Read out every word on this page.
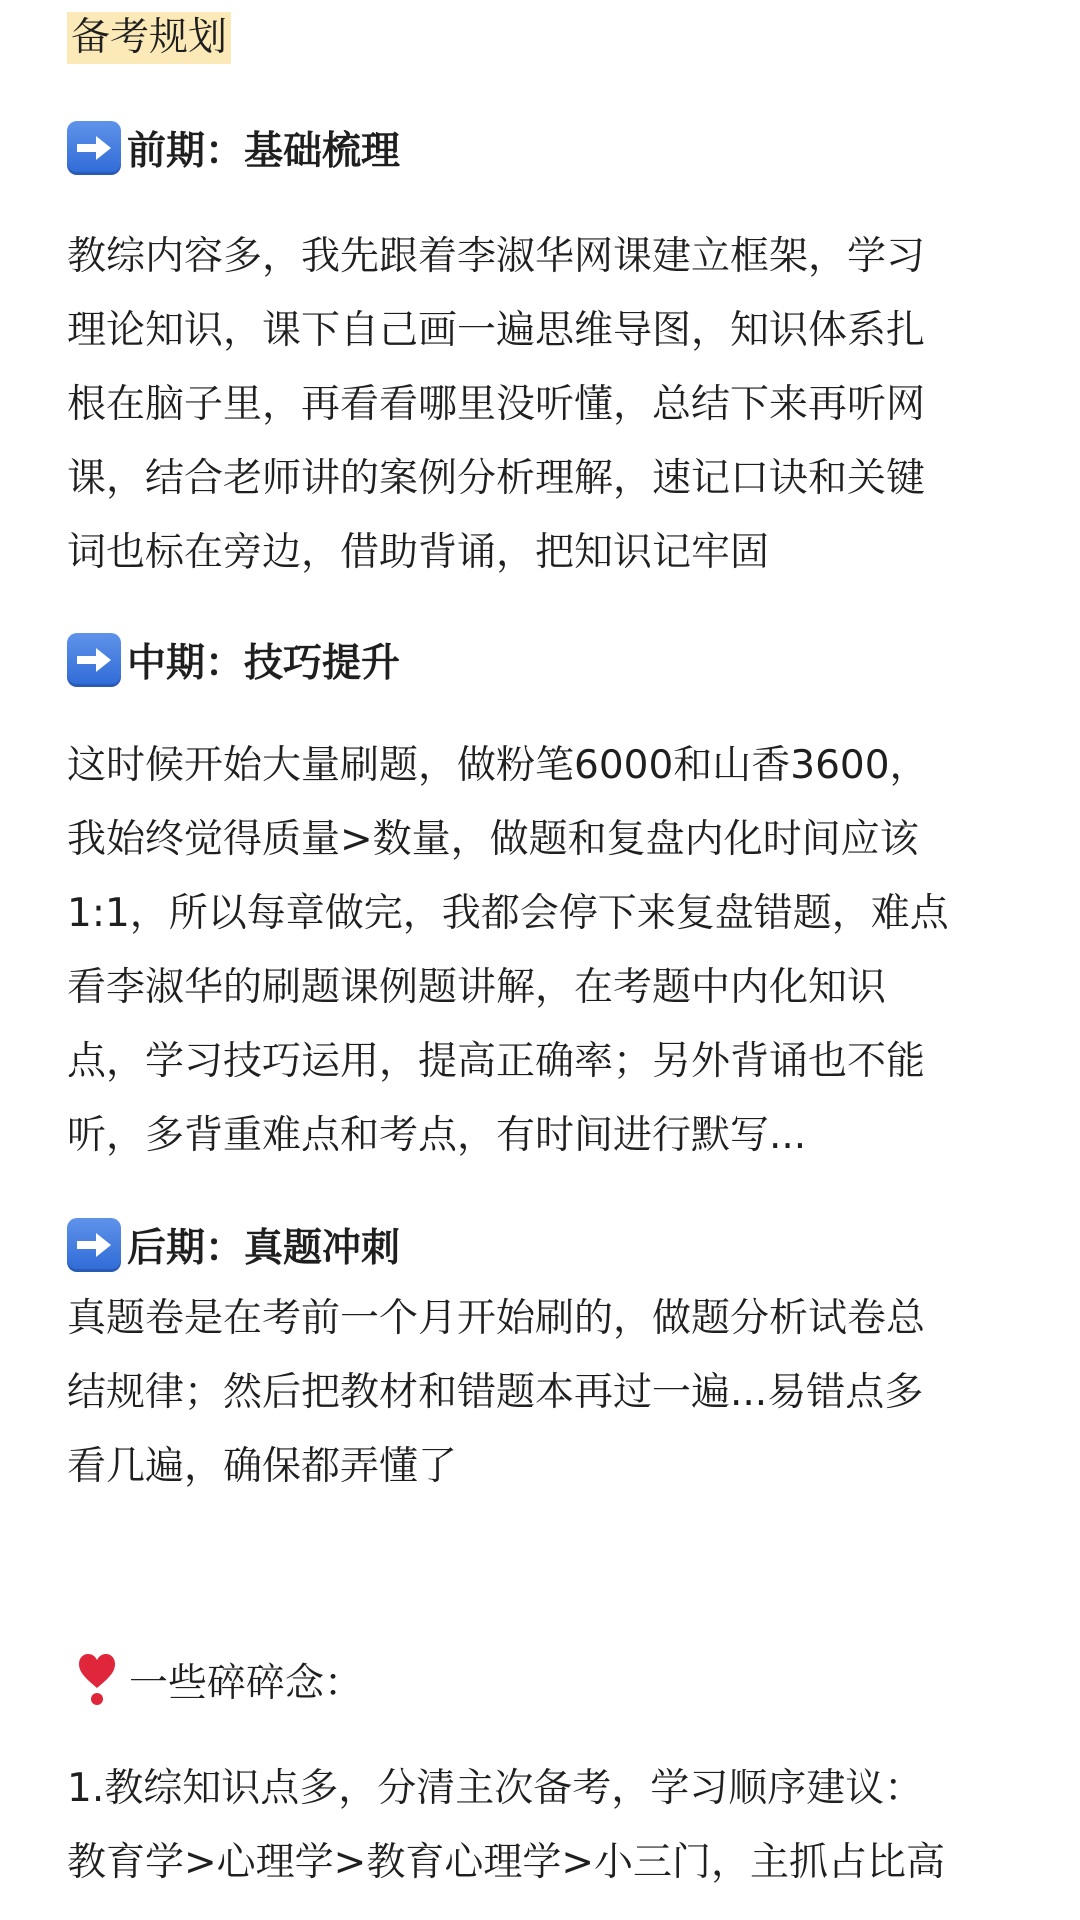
备考规划
前期：基础梳理
教综内容多，我先跟着李淑华网课建立框架，学习
理论知识，课下自己画一遍思维导图，知识体系扎
根在脑子里，再看看哪里没听懂，总结下来再听网
课，结合老师讲的案例分析理解，速记口诀和关键
词也标在旁边，借助背诵，把知识记牢固
中期：技巧提升
这时候开始大量刷题，做粉笔6000和山香3600，
我始终觉得质量>数量，做题和复盘内化时间应该
1:1，所以每章做完，我都会停下来复盘错题，难点
看李淑华的刷题课例题讲解，在考题中内化知识
点，学习技巧运用，提高正确率；另外背诵也不能
听，多背重难点和考点，有时间进行默写...
后期：真题冲刺
真题卷是在考前一个月开始刷的，做题分析试卷总
结规律；然后把教材和错题本再过一遍...易错点多
看几遍，确保都弄懂了
一些碎碎念：
1.教综知识点多，分清主次备考，学习顺序建议：
教育学>心理学>教育心理学>小三门，主抓占比高
